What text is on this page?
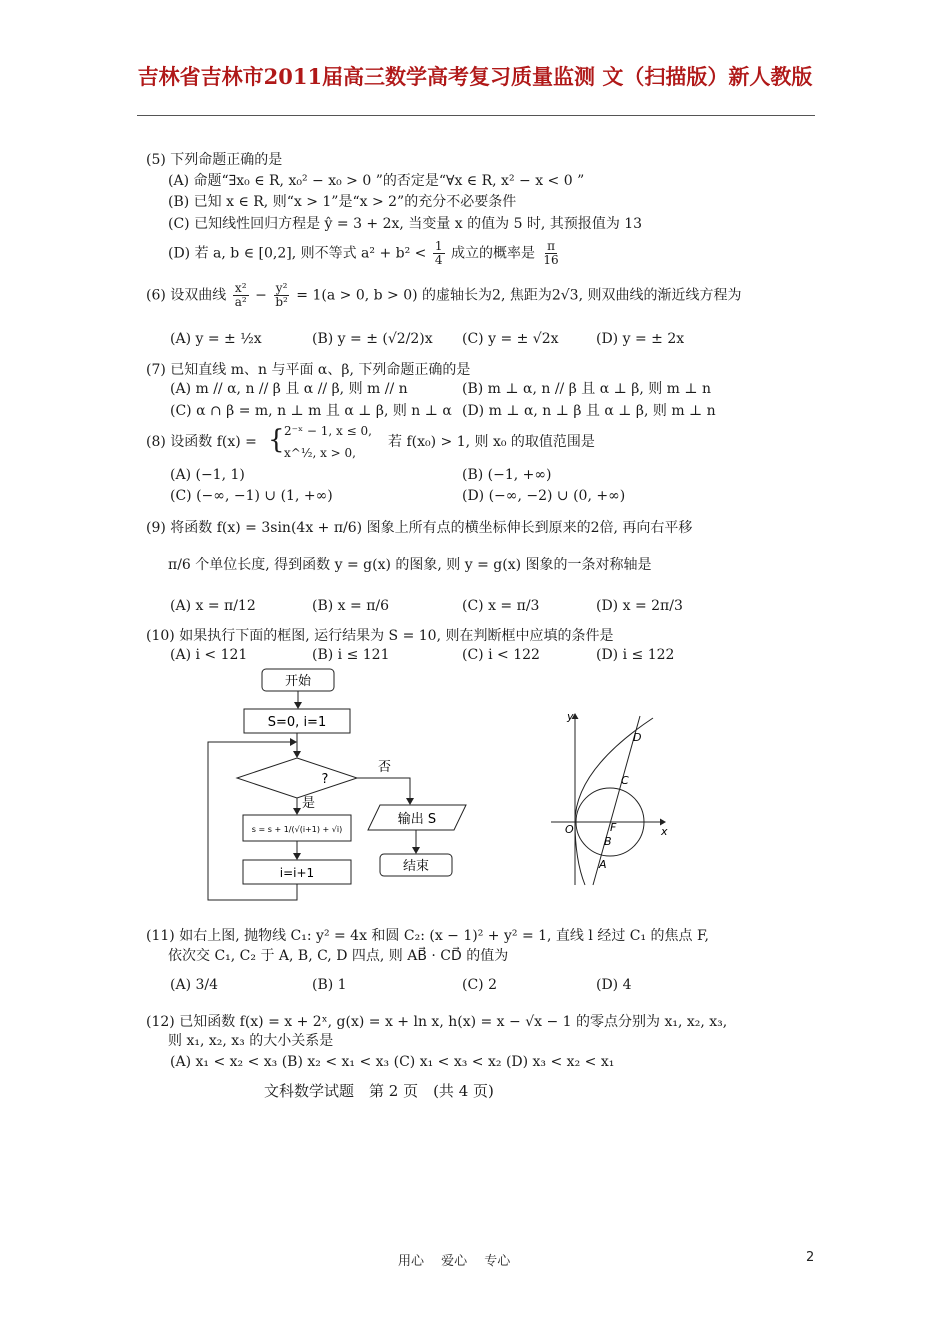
吉林省吉林市2011届高三数学高考复习质量监测 文（扫描版）新人教版
(5) 下列命题正确的是
(A) 命题“∃x₀ ∈ R, x₀² − x₀ > 0 ”的否定是“∀x ∈ R, x² − x < 0 ”
(B) 已知 x ∈ R, 则“x > 1”是“x > 2”的充分不必要条件
(C) 已知线性回归方程是 ŷ = 3 + 2x, 当变量 x 的值为 5 时, 其预报值为 13
(D) 若 a, b ∈ [0,2], 则不等式 $a^2 + b^2 < \frac{1}{4}$ 成立的概率是 $\frac{\pi}{16}$
(6) 设双曲线 $\frac{\text{x²}}{\text{a²}} - \frac{\text{y²}}{\text{b²}} = 1(a > 0$, b > 0) 的虚轴长为2, 焦距为2√3, 则双曲线的渐近线方程为
(A) y = ± ½x	(B) y = ± (√2/2)x (C) y = ± √2x	(D) y = ± 2x
(7) 已知直线 m、n 与平面 α、β, 下列命题正确的是
(A) m // α, n // β 且 α // β, 则 m // n	(B) m ⊥ α, n // β 且 α ⊥ β, 则 m ⊥ n
(C) α ∩ β = m, n ⊥ m 且 α ⊥ β, 则 n ⊥ α (D) m ⊥ α, n ⊥ β 且 α ⊥ β, 则 m ⊥ n
(8) 设函数 f(x) = { 2⁻ˣ − 1, x ≤ 0,
x^½, x > 0,
若 f(x₀) > 1, 则 x₀ 的取值范围是
(A) (−1, 1)	(B) (−1, +∞)
(C) (−∞, −1) ∪ (1, +∞)	(D) (−∞, −2) ∪ (0, +∞)
(9) 将函数 f(x) = 3sin(4x + π/6) 图象上所有点的横坐标伸长到原来的2倍, 再向右平移
π/6 个单位长度, 得到函数 y = g(x) 的图象, 则 y = g(x) 图象的一条对称轴是
(A) x = π/12	(B) x = π/6	(C) x = π/3	(D) x = 2π/3
(10) 如果执行下面的框图, 运行结果为 S = 10, 则在判断框中应填的条件是
(A) i < 121	(B) i ≤ 121	(C) i < 122	(D) i ≤ 122
开始
S=0, i=1
?
否
是
s = s + 1/(√(i+1) + √i)
i=i+1
输出 S
结束
y
x
O	F
A
B
C
D
(11) 如右上图, 抛物线 C₁: y² = 4x 和圆 C₂: (x − 1)² + y² = 1, 直线 l 经过 C₁ 的焦点 F,
依次交 C₁, C₂ 于 A, B, C, D 四点, 则 AB⃗ · CD⃗ 的值为
(A) 3/4	(B) 1	(C) 2	(D) 4
(12) 已知函数 f(x) = x + 2ˣ, g(x) = x + ln x, h(x) = x − √x − 1 的零点分别为 x₁, x₂, x₃,
则 x₁, x₂, x₃ 的大小关系是
(A) x₁ < x₂ < x₃ (B) x₂ < x₁ < x₃ (C) x₁ < x₃ < x₂ (D) x₃ < x₂ < x₁
文科数学试题　第 2 页　(共 4 页)
用心　 爱心　 专心	2
